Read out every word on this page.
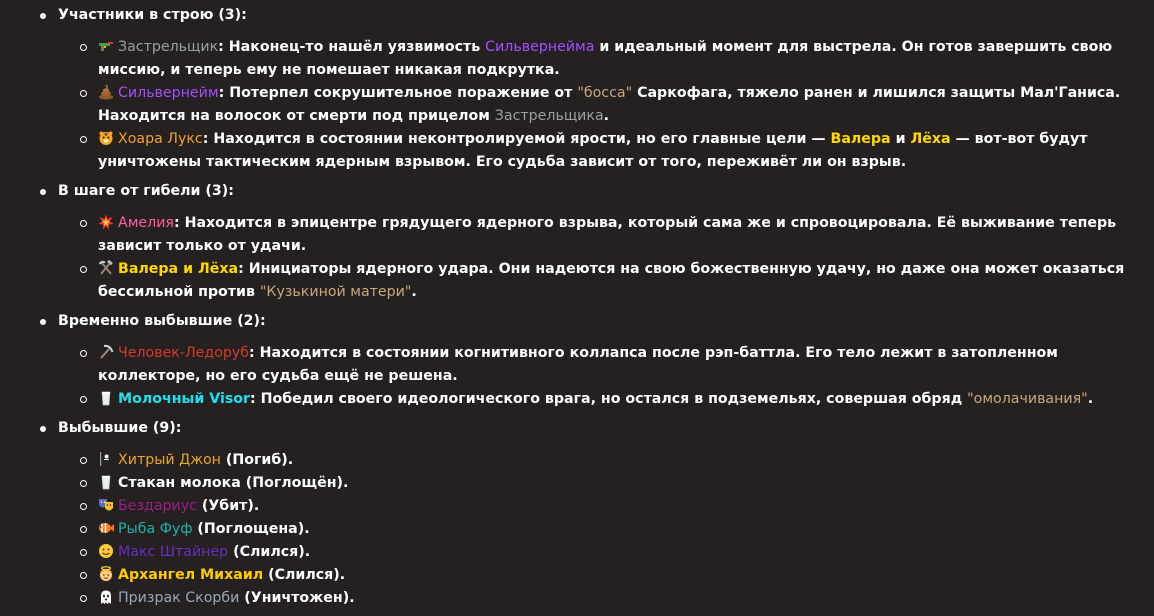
Участники в строю (3):
Застрельщик: Наконец-то нашёл уязвимость Сильвернейма и идеальный момент для выстрела. Он готов завершить свою миссию, и теперь ему не помешает никакая подкрутка.
Сильвернейм: Потерпел сокрушительное поражение от "босса" Саркофага, тяжело ранен и лишился защиты Мал'Ганиса. Находится на волосок от смерти под прицелом Застрельщика.
Хоара Лукс: Находится в состоянии неконтролируемой ярости, но его главные цели — Валера и Лёха — вот-вот будут уничтожены тактическим ядерным взрывом. Его судьба зависит от того, переживёт ли он взрыв.
В шаге от гибели (3):
Амелия: Находится в эпицентре грядущего ядерного взрыва, который сама же и спровоцировала. Её выживание теперь зависит только от удачи.
Валера и Лёха: Инициаторы ядерного удара. Они надеются на свою божественную удачу, но даже она может оказаться бессильной против "Кузькиной матери".
Временно выбывшие (2):
Человек-Ледоруб: Находится в состоянии когнитивного коллапса после рэп-баттла. Его тело лежит в затопленном коллекторе, но его судьба ещё не решена.
Молочный Visor: Победил своего идеологического врага, но остался в подземельях, совершая обряд "омолачивания".
Выбывшие (9):
Хитрый Джон (Погиб).
Стакан молока (Поглощён).
Бездариус (Убит).
Рыба Фуф (Поглощена).
Макс Штайнер (Слился).
Архангел Михаил (Слился).
Призрак Скорби (Уничтожен).
